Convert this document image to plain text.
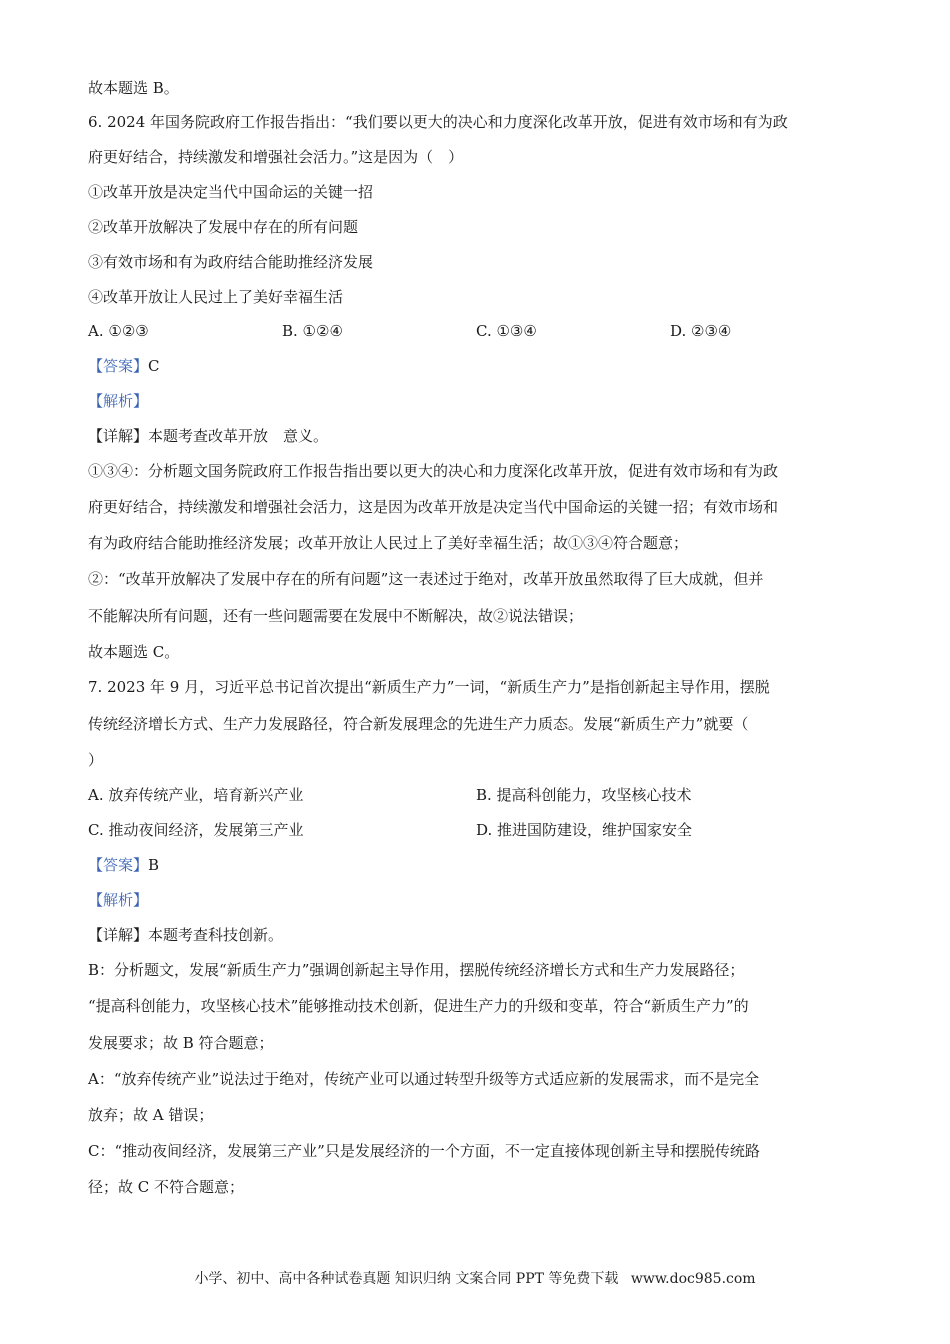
故本题选 B。
6. 2024 年国务院政府工作报告指出：“我们要以更大的决心和力度深化改革开放，促进有效市场和有为政
府更好结合，持续激发和增强社会活力。”这是因为（　）
①改革开放是决定当代中国命运的关键一招
②改革开放解决了发展中存在的所有问题
③有效市场和有为政府结合能助推经济发展
④改革开放让人民过上了美好幸福生活
A. ①②③	B. ①②④	C. ①③④	D. ②③④
【答案】C
【解析】
【详解】本题考查改革开放　意义。
①③④：分析题文国务院政府工作报告指出要以更大的决心和力度深化改革开放，促进有效市场和有为政
府更好结合，持续激发和增强社会活力，这是因为改革开放是决定当代中国命运的关键一招；有效市场和
有为政府结合能助推经济发展；改革开放让人民过上了美好幸福生活；故①③④符合题意；
②：“改革开放解决了发展中存在的所有问题”这一表述过于绝对，改革开放虽然取得了巨大成就，但并
不能解决所有问题，还有一些问题需要在发展中不断解决，故②说法错误；
故本题选 C。
7. 2023 年 9 月，习近平总书记首次提出“新质生产力”一词，“新质生产力”是指创新起主导作用，摆脱
传统经济增长方式、生产力发展路径，符合新发展理念的先进生产力质态。发展“新质生产力”就要（
）
A. 放弃传统产业，培育新兴产业	B. 提高科创能力，攻坚核心技术
C. 推动夜间经济，发展第三产业	D. 推进国防建设，维护国家安全
【答案】B
【解析】
【详解】本题考查科技创新。
B：分析题文，发展“新质生产力”强调创新起主导作用，摆脱传统经济增长方式和生产力发展路径；
“提高科创能力，攻坚核心技术”能够推动技术创新，促进生产力的升级和变革，符合“新质生产力”的
发展要求；故 B 符合题意；
A：“放弃传统产业”说法过于绝对，传统产业可以通过转型升级等方式适应新的发展需求，而不是完全
放弃；故 A 错误；
C：“推动夜间经济，发展第三产业”只是发展经济的一个方面，不一定直接体现创新主导和摆脱传统路
径；故 C 不符合题意；
小学、初中、高中各种试卷真题 知识归纳 文案合同 PPT 等免费下载 www.doc985.com
